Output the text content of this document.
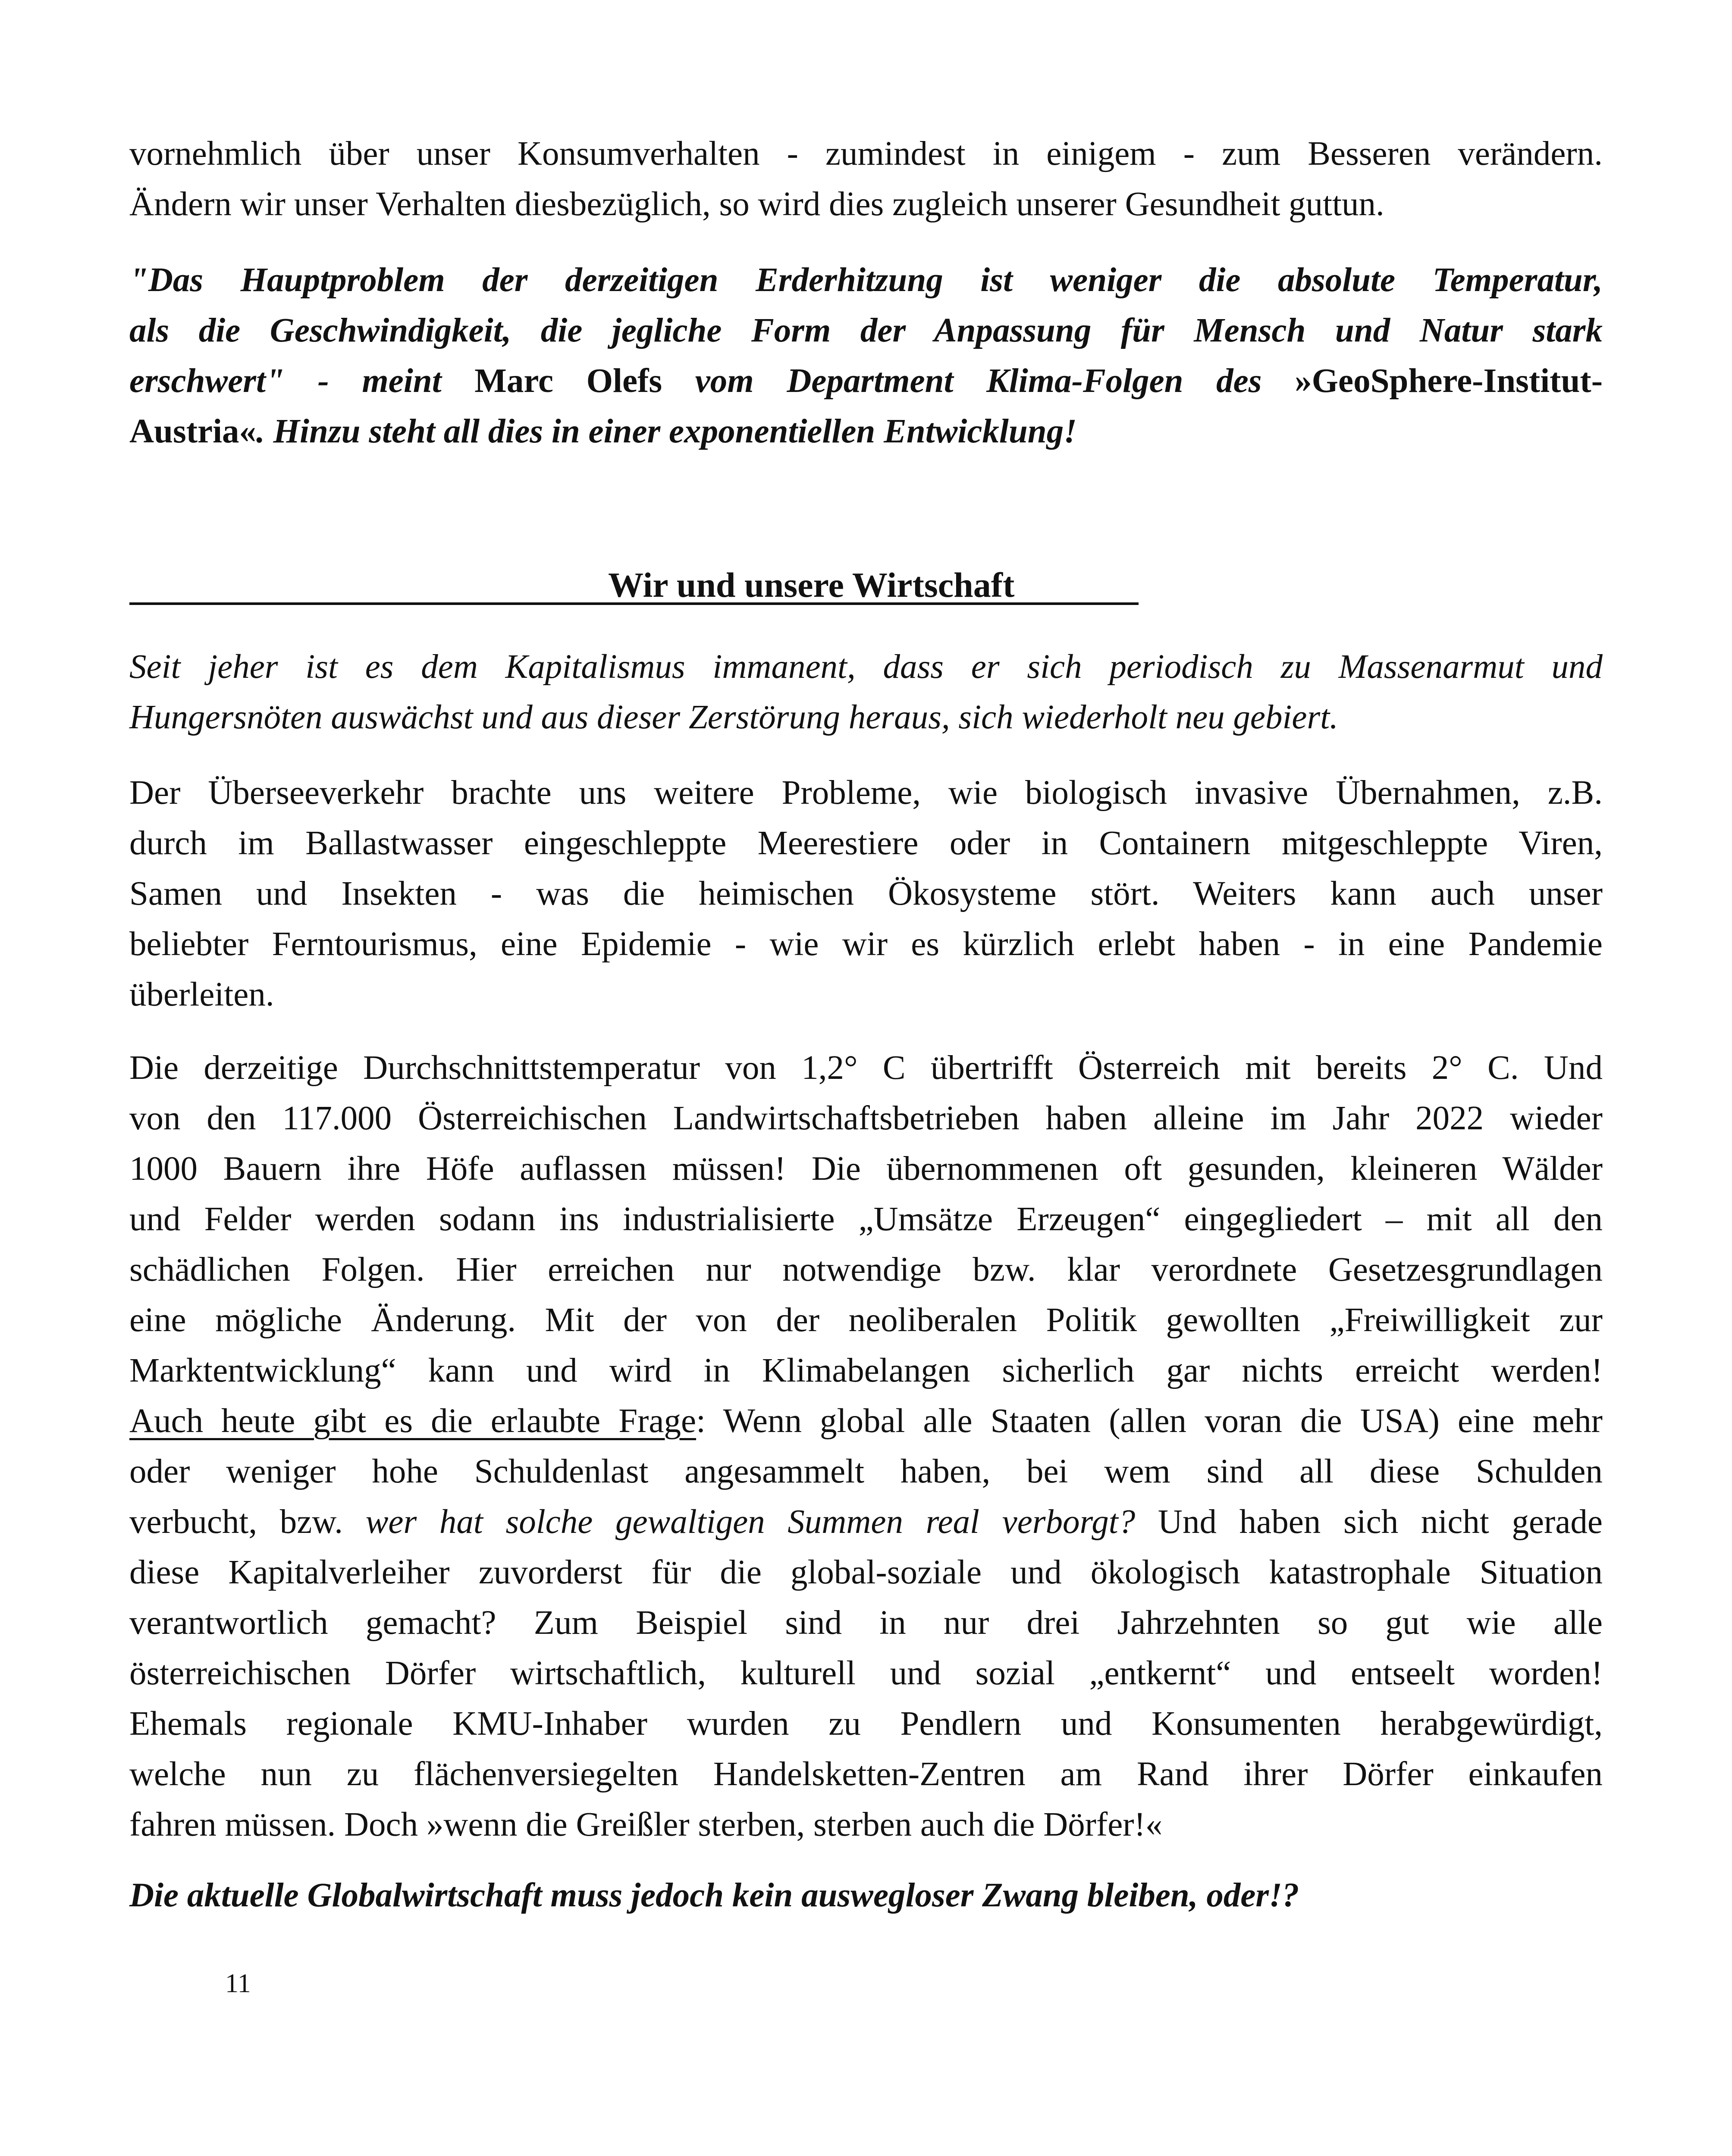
vornehmlich über unser Konsumverhalten - zumindest in einigem - zum Besseren verändern.
Ändern wir unser Verhalten diesbezüglich, so wird dies zugleich unserer Gesundheit guttun.
"Das Hauptproblem der derzeitigen Erderhitzung ist weniger die absolute Temperatur,
als die Geschwindigkeit, die jegliche Form der Anpassung für Mensch und Natur stark
erschwert" - meint Marc Olefs vom Department Klima-Folgen des »GeoSphere-Institut-
Austria«. Hinzu steht all dies in einer exponentiellen Entwicklung!
Wir und unsere Wirtschaft
Seit jeher ist es dem Kapitalismus immanent, dass er sich periodisch zu Massenarmut und
Hungersnöten auswächst und aus dieser Zerstörung heraus, sich wiederholt neu gebiert.
Der Überseeverkehr brachte uns weitere Probleme, wie biologisch invasive Übernahmen, z.B.
durch im Ballastwasser eingeschleppte Meerestiere oder in Containern mitgeschleppte Viren,
Samen und Insekten - was die heimischen Ökosysteme stört. Weiters kann auch unser
beliebter Ferntourismus, eine Epidemie - wie wir es kürzlich erlebt haben - in eine Pandemie
überleiten.
Die derzeitige Durchschnittstemperatur von 1,2° C übertrifft Österreich mit bereits 2° C. Und
von den 117.000 Österreichischen Landwirtschaftsbetrieben haben alleine im Jahr 2022 wieder
1000 Bauern ihre Höfe auflassen müssen! Die übernommenen oft gesunden, kleineren Wälder
und Felder werden sodann ins industrialisierte „Umsätze Erzeugen“ eingegliedert – mit all den
schädlichen Folgen. Hier erreichen nur notwendige bzw. klar verordnete Gesetzesgrundlagen
eine mögliche Änderung. Mit der von der neoliberalen Politik gewollten „Freiwilligkeit zur
Marktentwicklung“ kann und wird in Klimabelangen sicherlich gar nichts erreicht werden!
Auch heute gibt es die erlaubte Frage: Wenn global alle Staaten (allen voran die USA) eine mehr
oder weniger hohe Schuldenlast angesammelt haben, bei wem sind all diese Schulden
verbucht, bzw. wer hat solche gewaltigen Summen real verborgt? Und haben sich nicht gerade
diese Kapitalverleiher zuvorderst für die global-soziale und ökologisch katastrophale Situation
verantwortlich gemacht? Zum Beispiel sind in nur drei Jahrzehnten so gut wie alle
österreichischen Dörfer wirtschaftlich, kulturell und sozial „entkernt“ und entseelt worden!
Ehemals regionale KMU-Inhaber wurden zu Pendlern und Konsumenten herabgewürdigt,
welche nun zu flächenversiegelten Handelsketten-Zentren am Rand ihrer Dörfer einkaufen
fahren müssen. Doch »wenn die Greißler sterben, sterben auch die Dörfer!«
Die aktuelle Globalwirtschaft muss jedoch kein auswegloser Zwang bleiben, oder!?
11
